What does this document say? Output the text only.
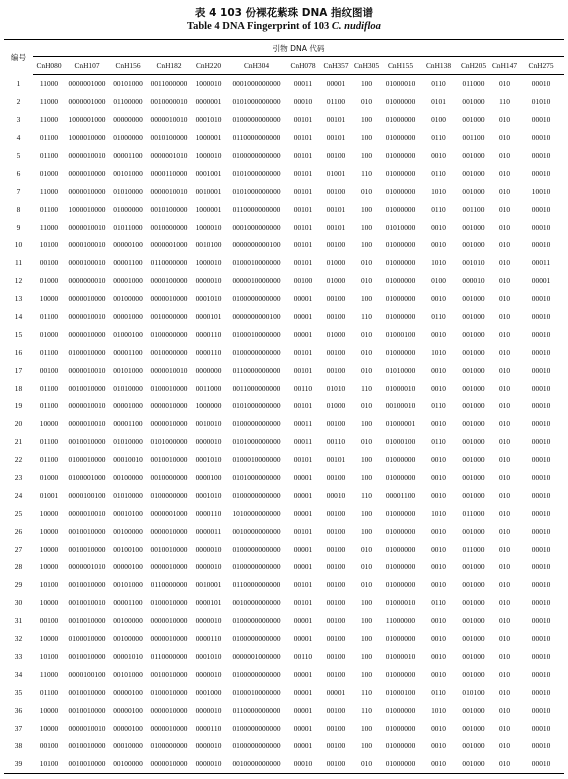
表 4 103 份裸花紫珠 DNA 指纹图谱
Table 4 DNA Fingerprint of 103 C. nudifloa
编号	引物 DNA 代码													
	CnH080	CnH107	CnH156	CnH182	CnH220	CnH304	CnH078	CnH357	CnH305	CnH155	CnH138	CnH205	CnH147	CnH275
1	11000	0000001000	00101000	0011000000	1000010	0001000000000	00011	00001	100	01000010	0110	011000	010	00010
2	11000	0000001000	01100000	0010000010	0000001	0101000000000	00010	01100	010	01000000	0101	001000	110	01010
3	11000	1000001000	00000000	0000010010	0001010	0100000000000	00101	00101	100	01000000	0100	001000	010	00010
4	01100	1000010000	01000000	0010100000	1000001	0110000000000	00101	00101	100	01000000	0110	001100	010	00010
5	01100	0000010010	00001100	0000001010	1000010	0100000000000	00101	00100	100	01000000	0010	001000	010	00010
6	01000	0000010000	00101000	0000110000	0001001	0101000000000	00101	01001	110	01000000	0110	001000	010	00010
7	11000	0000010000	01010000	0000010010	0010001	0101000000000	00101	00100	010	01000000	1010	001000	010	10010
8	01100	1000010000	01000000	0010100000	1000001	0110000000000	00101	00101	100	01000000	0110	001100	010	00010
9	11000	0000010010	01011000	0010000000	1000010	0001000000000	00101	00101	100	01010000	0010	001000	010	00010
10	10100	0000100010	00000100	0000001000	0010100	0000000000100	00101	00100	100	01000000	0010	001000	010	00010
11	00100	0000100010	00001100	0110000000	1000010	0100010000000	00101	01000	010	01000000	1010	001010	010	00011
12	01000	0000000010	00001000	0000100000	0000010	0000010000000	00100	01000	010	01000000	0100	000010	010	00001
13	10000	0000010000	00100000	0000010000	0001010	0100000000000	00001	00100	100	01000000	0010	001000	010	00010
14	01100	0000010010	00001000	0010000000	0000101	0000000000100	00001	00100	110	01000000	0110	001000	010	00010
15	01000	0000010000	01000100	0100000000	0000110	0100010000000	00001	01000	010	01000100	0010	001000	010	00010
16	01100	0100010000	00001100	0010000000	0000110	0100000000000	00101	00100	010	01000000	1010	001000	010	00010
17	00100	0000010010	00101000	0000010010	0000000	0110000000000	00101	00100	010	01010000	0010	001000	010	00010
18	01100	0010010000	01010000	0100010000	0011000	0011000000000	00110	01010	110	01000010	0010	001000	010	00010
19	01100	0000010010	00001000	0000010000	1000000	0101000000000	00101	01000	010	00100010	0110	001000	010	00010
20	10000	0000010010	00001100	0000010000	0010010	0100000000000	00011	00100	100	01000001	0010	001000	010	00010
21	01100	0010010000	01010000	0101000000	0000010	0101000000000	00011	00110	010	01000100	0110	001000	010	00010
22	01100	0100010000	00010010	0010010000	0001010	0100010000000	00101	00101	100	01000000	0010	001000	010	00010
23	01000	0100001000	00100000	0010000000	0000100	0101000000000	00001	00100	100	01000000	0010	001000	010	00010
24	01001	0000100100	01010000	0100000000	0001010	0100000000000	00001	00010	110	00001100	0010	001000	010	00010
25	10000	0000010010	00010100	0000001000	0000110	1010000000000	00001	00100	100	01000000	1010	011000	010	00010
26	10000	0010010000	00100000	0000010000	0000011	0010000000000	00101	00100	100	01000000	0010	001000	010	00010
27	10000	0010010000	00100100	0010010000	0000010	0100000000000	00001	00100	010	01000000	0010	011000	010	00010
28	10000	0000001010	00000100	0000010000	0000010	0100000000000	00001	00100	010	01000000	0010	001000	010	00010
29	10100	0010010000	00101000	0110000000	0010001	0110000000000	00101	00100	010	01000000	0010	001000	010	00010
30	10000	0010010010	00001100	0100010000	0000101	0010000000000	00101	00100	100	01000010	0110	001000	010	00010
31	00100	0010010000	00100000	0000010000	0000010	0100000000000	00001	00100	100	11000000	0010	001000	010	00010
32	10000	0100010000	00100000	0000010000	0000110	0100000000000	00001	00100	100	01000000	0010	001000	010	00010
33	10100	0010010000	00001010	0110000000	0001010	0000001000000	00110	00100	100	01000010	0010	001000	010	00010
34	11000	0000100100	00101000	0010010000	0000010	0100000000000	00001	00100	100	01000000	0010	001000	010	00010
35	01100	0010010000	00000100	0100010000	0001000	0100010000000	00001	00001	110	01000100	0110	010100	010	00010
36	10000	0010010000	00000100	0000010000	0000010	0110000000000	00001	00100	110	01000000	1010	001000	010	00010
37	10000	0000010010	00000100	0000010000	0000110	0100000000000	00001	00100	100	01000000	0010	001000	010	00010
38	00100	0010010000	00010000	0100000000	0000010	0100000000000	00001	00100	100	01000000	0010	001000	010	00010
39	10100	0010010000	00100000	0000010000	0000010	0010000000000	00010	00100	010	01000000	0010	001000	010	00010
